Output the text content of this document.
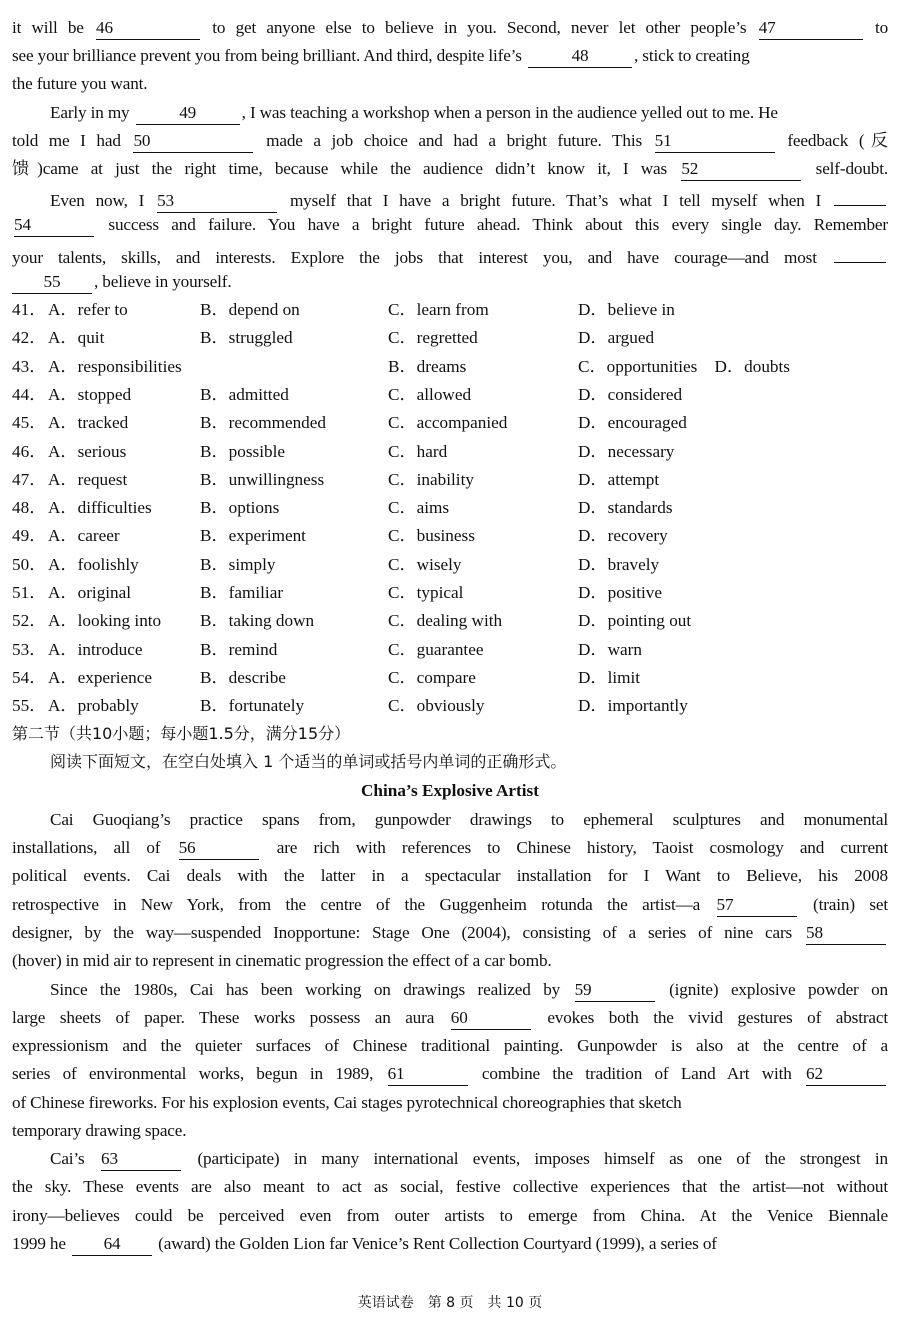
it will be 46	to get anyone else to believe in you. Second, never let other people’s 47	to
see your brilliance prevent you from being brilliant. And third, despite life’s	48	, stick to creating
the future you want.
Early in my	49	, I was teaching a workshop when a person in the audience yelled out to me. He
told me I had 50	made a job choice and had a bright future. This 51	feedback (反
馈)came at just the right time, because while the audience didn’t know it, I was 52	self-doubt.
Even now, I 53	myself that I have a bright future. That’s what I tell myself when I
54	success and failure. You have a bright future ahead. Think about this every single day. Remember
your talents, skills, and interests. Explore the jobs that interest you, and have courage—and most
55 , believe in yourself.
41． A．refer to	B．depend on	C．learn from	D．believe in
42． A．quit	B．struggled	C．regretted	D．argued
43． A．responsibilities	B．dreams	C．opportunities　D．doubts
44． A．stopped	B．admitted	C．allowed	D．considered
45． A．tracked	B．recommended	C．accompanied	D．encouraged
46． A．serious	B．possible	C．hard	D．necessary
47． A．request	B．unwillingness	C．inability	D．attempt
48． A．difficulties	B．options	C．aims	D．standards
49． A．career	B．experiment	C．business	D．recovery
50． A．foolishly	B．simply	C．wisely	D．bravely
51． A．original	B．familiar	C．typical	D．positive
52． A．looking into B．taking down	C．dealing with	D．pointing out
53． A．introduce	B．remind	C．guarantee	D．warn
54． A．experience	B．describe	C．compare	D．limit
55． A．probably	B．fortunately	C．obviously	D．importantly
第二节（共10小题；每小题1.5分，满分15分）
阅读下面短文，在空白处填入 1 个适当的单词或括号内单词的正确形式。
China’s Explosive Artist
Cai Guoqiang’s practice spans from, gunpowder drawings to ephemeral sculptures and monumental
installations, all of 56	are rich with references to Chinese history, Taoist cosmology and current
political events. Cai deals with the latter in a spectacular installation for I Want to Believe, his 2008
retrospective in New York, from the centre of the Guggenheim rotunda the artist—a 57	(train) set
designer, by the way—suspended Inopportune: Stage One (2004), consisting of a series of nine cars 58
(hover) in mid air to represent in cinematic progression the effect of a car bomb.
Since the 1980s, Cai has been working on drawings realized by 59	(ignite) explosive powder on
large sheets of paper. These works possess an aura 60	evokes both the vivid gestures of abstract
expressionism and the quieter surfaces of Chinese traditional painting. Gunpowder is also at the centre of a
series of environmental works, begun in 1989, 61	combine the tradition of Land Art with 62
of Chinese fireworks. For his explosion events, Cai stages pyrotechnical choreographies that sketch
temporary drawing space.
Cai’s 63	(participate) in many international events, imposes himself as one of the strongest in
the sky. These events are also meant to act as social, festive collective experiences that the artist—not without
irony—believes could be perceived even from outer artists to emerge from China. At the Venice Biennale
1999 he 64 (award) the Golden Lion far Venice’s Rent Collection Courtyard (1999), a series of
英语试卷　第 8 页　共 10 页
